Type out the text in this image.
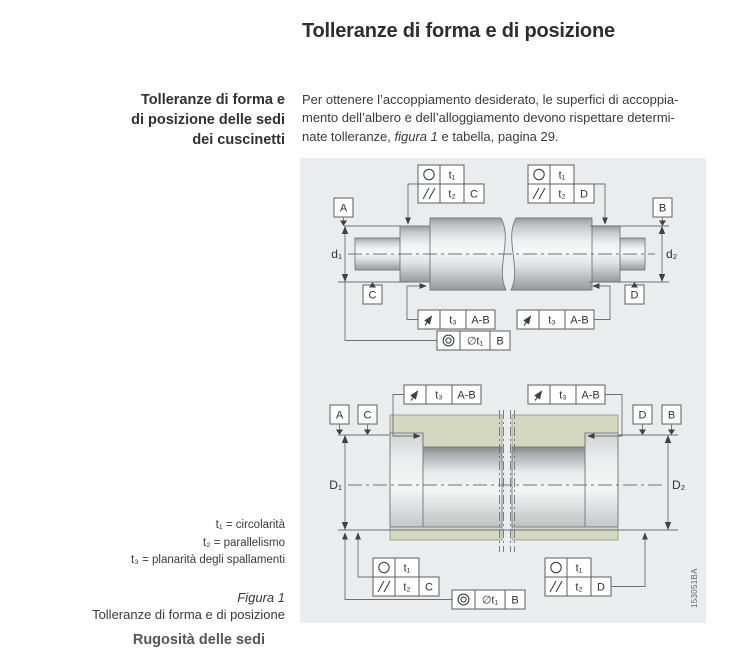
Tolleranze di forma e di posizione
Tolleranze di forma e
di posizione delle sedi
dei cuscinetti
Per ottenere l’accoppiamento desiderato, le superfici di accoppia-
mento dell’albero e dell’alloggiamento devono rispettare determi-
nate tolleranze, figura 1 e tabella, pagina 29.
A	B
C	D
d₁	d₂
t₁
t₂ C
t₁
t₂ D
t₃ A-B	t₃ A-B
∅t₁ B
t₃ A-B	t₃ A-B
A C	D B
D₁	D₂
t₁
t₂ C
t₁
t₂ D
∅t₁ B	153051BA
t₁ = circolarità
t₂ = parallelismo
t₃ = planarità degli spallamenti
Figura 1
Tolleranze di forma e di posizione
Rugosità delle sedi
